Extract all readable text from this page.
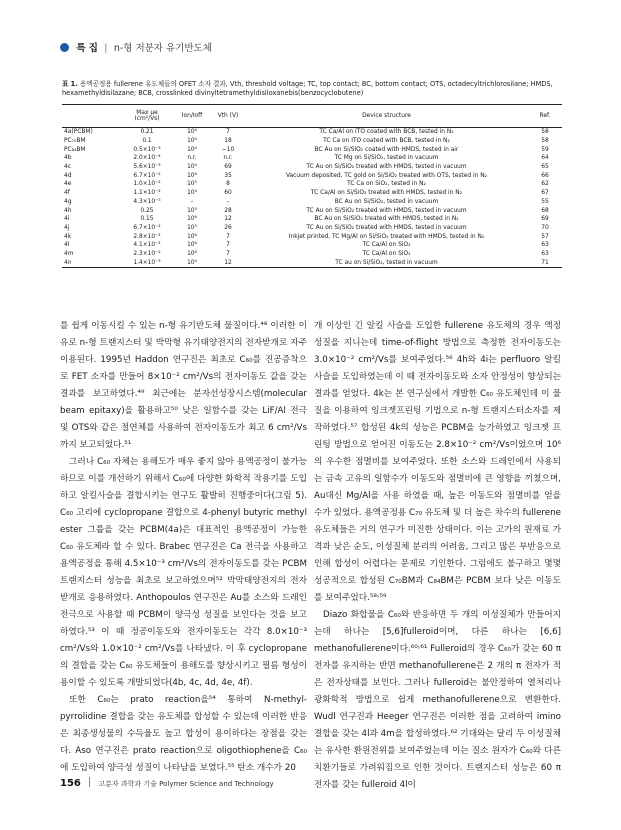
특 집 | n-형 저분자 유기반도체
표 1. 용액공정용 fullerene 유도체들의 OFET 소자 결과, Vth, threshold voltage; TC, top contact; BC, bottom contact; OTS, octadecyltrichlorosilane; HMDS, hexamethyldisilazane; BCB, crosslinked divinyltetramethyldisiloxanebis(benzocyclobutene)
	Max μe (cm²/Vs)	Ion/Ioff	Vth (V)	Device structure	Ref.
4a(PCBM)	0.21	10⁴	7	TC Ca/Al on ITO coated with BCB, tested in N₂	58
PC₇₀BM	0.1	10⁴	18	TC Ca on ITO coated with BCB, tested in N₂	58
PC₈₄BM	0.5×10⁻³	10⁴	−10	BC Au on Si/SiO₂ coated with HMDS, tested in air	59
4b	2.0×10⁻⁴	n.r.	n.r.	TC Mg on Si/SiO₂, tested in vacuum	64
4c	5.6×10⁻³	10⁴	69	TC Au on Si/SiO₂ treated with HMDS, tested in vacuum	65
4d	6.7×10⁻²	10⁶	35	Vacuum deposited, TC gold on Si/SiO₂ treated with OTS, tested in N₂	66
4e	1.0×10⁻²	10⁵	8	TC Ca on SiO₂, tested in N₂	62
4f	1.1×10⁻²	10⁴	60	TC Ca/Al on Si/SiO₂ treated with HMDS, tested in N₂	67
4g	4.3×10⁻⁵	–	–	BC Au on Si/SiO₂, tested in vacuum	55
4h	0.25	10⁵	28	TC Au on Si/SiO₂ treated with HMDS, tested in vacuum	68
4i	0.15	10⁶	12	BC Au on Si/SiO₂ treated with HMDS, tested in N₂	69
4j	6.7×10⁻²	10⁵	26	TC Au on Si/SiO₂ treated with HMDS, tested in vacuum	70
4k	2.8×10⁻²	10⁶	7	Inkjet printed, TC Mg/Al on Si/SiO₂ treated with HMDS, tested in N₂	57
4l	4.1×10⁻²	10⁶	7	TC Ca/Al on SiO₂	63
4m	2.3×10⁻²	10⁶	7	TC Ca/Al on SiO₂	63
4n	1.4×10⁻³	10⁴	12	TC au on Si/SiO₂, tested in vacuum	71

를 쉽게 이동시킬 수 있는 n-형 유기반도체 물질이다.⁴⁸ 이러한 이유로 n-형 트랜지스터 및 박막형 유기태양전지의 전자받개로 자주 이용된다. 1995년 Haddon 연구진은 최초로 C₆₀를 진공증착으로 FET 소자를 만들어 8×10⁻² cm²/Vs의 전자이동도 값을 갖는 결과를 보고하였다.⁴⁹ 최근에는 분자선성장시스템(molecular beam epitaxy)을 활용하고⁵⁰ 낮은 일함수를 갖는 LiF/Al 전극 및 OTS와 같은 절연체를 사용하여 전자이동도가 최고 6 cm²/Vs까지 보고되었다.⁵¹

그러나 C₆₀ 자체는 용해도가 매우 좋지 않아 용액공정이 불가능하므로 이를 개선하기 위해서 C₆₀에 다양한 화학적 작용기를 도입하고 알킬사슬을 결합시키는 연구도 활발히 진행중이다(그림 5). C₆₀ 고리에 cyclopropane 결합으로 4-phenyl butyric methyl ester 그룹을 갖는 PCBM(4a)은 대표적인 용액공정이 가능한 C₆₀ 유도체라 할 수 있다. Brabec 연구진은 Ca 전극을 사용하고 용액공정을 통해 4.5×10⁻³ cm²/Vs의 전자이동도를 갖는 PCBM 트랜지스터 성능을 최초로 보고하였으며⁵² 박막태양전지의 전자받개로 응용하였다. Anthopoulos 연구진은 Au를 소스와 드레인 전극으로 사용할 때 PCBM이 양극성 성질을 보인다는 것을 보고하였다.⁵³ 이 때 정공이동도와 전자이동도는 각각 8.0×10⁻³ cm²/Vs와 1.0×10⁻² cm²/Vs를 나타냈다. 이 후 cyclopropane의 결합을 갖는 C₆₀ 유도체들이 용해도를 향상시키고 필름 형성이 용이할 수 있도록 개발되었다(4b, 4c, 4d, 4e, 4f).

또한 C₆₀는 prato reaction을⁵⁴ 통하여 N-methyl-pyrrolidine 결합을 갖는 유도체를 합성할 수 있는데 이러한 반응은 최종생성물의 수득율도 높고 합성이 용이하다는 장점을 갖는다. Aso 연구진은 prato reaction으로 oligothiophene을 C₆₀에 도입하여 양극성 성질이 나타남을 보였다.⁵⁵ 탄소 개수가 20

개 이상인 긴 알킬 사슬을 도입한 fullerene 유도체의 경우 액정 성질을 지니는데 time-of-flight 방법으로 측정한 전자이동도는 3.0×10⁻² cm²/Vs를 보여주었다.⁵⁶ 4h와 4i는 perfluoro 알킬 사슬을 도입하였는데 이 때 전자이동도와 소자 안정성이 향상되는 결과를 얻었다. 4k는 본 연구실에서 개발한 C₆₀ 유도체인데 이 물질을 이용하여 잉크젯프린팅 기법으로 n-형 트랜지스터소자를 제작하였다.⁵⁷ 합성된 4k의 성능은 PCBM을 능가하였고 잉크젯 프린팅 방법으로 얻어진 이동도는 2.8×10⁻² cm²/Vs이었으며 10⁶의 우수한 점멸비를 보여주었다. 또한 소스와 드레인에서 사용되는 금속 고유의 일함수가 이동도와 점멸비에 큰 영향을 끼쳤으며, Au대신 Mg/Al을 사용 하였을 때, 높은 이동도와 점멸비를 얻을 수가 있었다. 용액공정용 C₇₀ 유도체 및 더 높은 차수의 fullerene 유도체들은 거의 연구가 미진한 상태이다. 이는 고가의 원재료 가격과 낮은 순도, 이성질체 분리의 어려움, 그리고 많은 부반응으로 인해 합성이 어렵다는 문제로 기인한다. 그럼에도 불구하고 몇몇 성공적으로 합성된 C₇₀BM과 C₈₄BM은 PCBM 보다 낮은 이동도를 보여주었다.⁵⁸˒⁵⁹

Diazo 화합물을 C₆₀와 반응하면 두 개의 이성질체가 만들어지는데 하나는 [5,6]fulleroid이며, 다른 하나는 [6,6] methanofullerene이다.⁶⁰˒⁶¹ Fulleroid의 경우 C₆₀가 갖는 60 π 전자를 유지하는 반면 methanofullerene은 2 개의 π 전자가 적은 전자상태를 보인다. 그러나 fulleroid는 불안정하여 열처리나 광화학적 방법으로 쉽게 methanofullerene으로 변환한다. Wudl 연구진과 Heeger 연구진은 이러한 점을 고려하여 imino 결합을 갖는 4l과 4m을 합성하였다.⁶² 기대와는 달리 두 이성질체는 유사한 환원전위를 보여주었는데 이는 질소 원자가 C₆₀와 다른 치환기들로 가려워짐으로 인한 것이다. 트랜지스터 성능은 60 π 전자를 갖는 fulleroid 4l이

156 고분자 과학과 기술 Polymer Science and Technology
